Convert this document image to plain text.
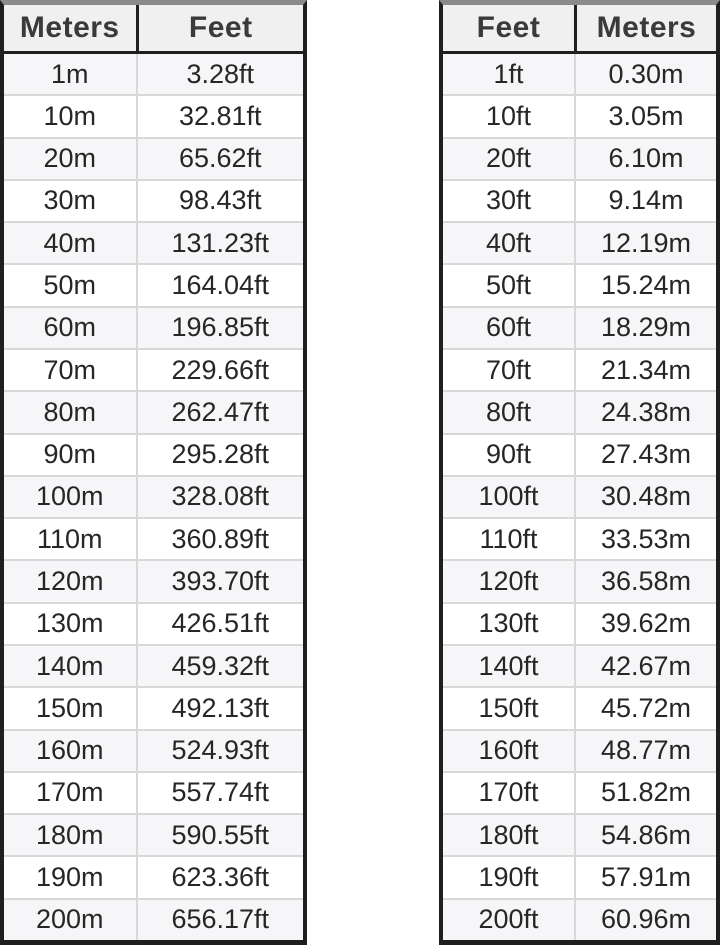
Meters	Feet
1m	3.28ft
10m	32.81ft
20m	65.62ft
30m	98.43ft
40m	131.23ft
50m	164.04ft
60m	196.85ft
70m	229.66ft
80m	262.47ft
90m	295.28ft
100m	328.08ft
110m	360.89ft
120m	393.70ft
130m	426.51ft
140m	459.32ft
150m	492.13ft
160m	524.93ft
170m	557.74ft
180m	590.55ft
190m	623.36ft
200m	656.17ft
Feet	Meters
1ft	0.30m
10ft	3.05m
20ft	6.10m
30ft	9.14m
40ft	12.19m
50ft	15.24m
60ft	18.29m
70ft	21.34m
80ft	24.38m
90ft	27.43m
100ft	30.48m
110ft	33.53m
120ft	36.58m
130ft	39.62m
140ft	42.67m
150ft	45.72m
160ft	48.77m
170ft	51.82m
180ft	54.86m
190ft	57.91m
200ft	60.96m
